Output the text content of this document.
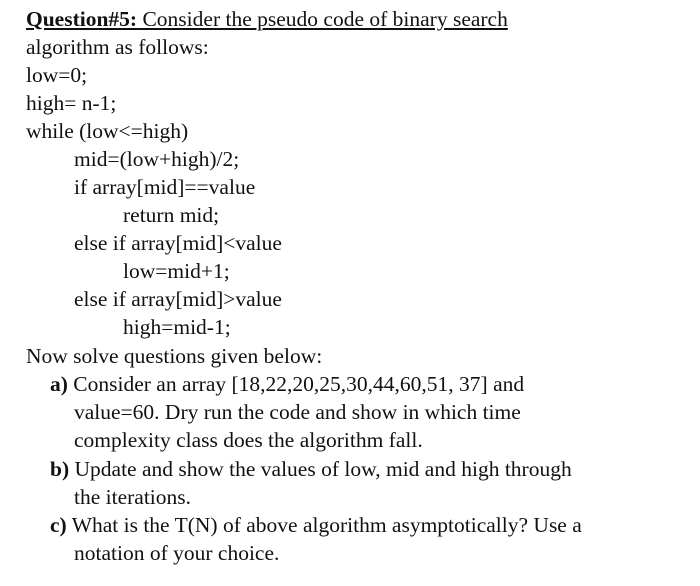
Question#5: Consider the pseudo code of binary search
algorithm as follows:
low=0;
high= n-1;
while (low<=high)
mid=(low+high)/2;
if array[mid]==value
return mid;
else if array[mid]<value
low=mid+1;
else if array[mid]>value
high=mid-1;
Now solve questions given below:
a) Consider an array [18,22,20,25,30,44,60,51, 37] and
value=60. Dry run the code and show in which time
complexity class does the algorithm fall.
b) Update and show the values of low, mid and high through
the iterations.
c) What is the T(N) of above algorithm asymptotically? Use a
notation of your choice.
